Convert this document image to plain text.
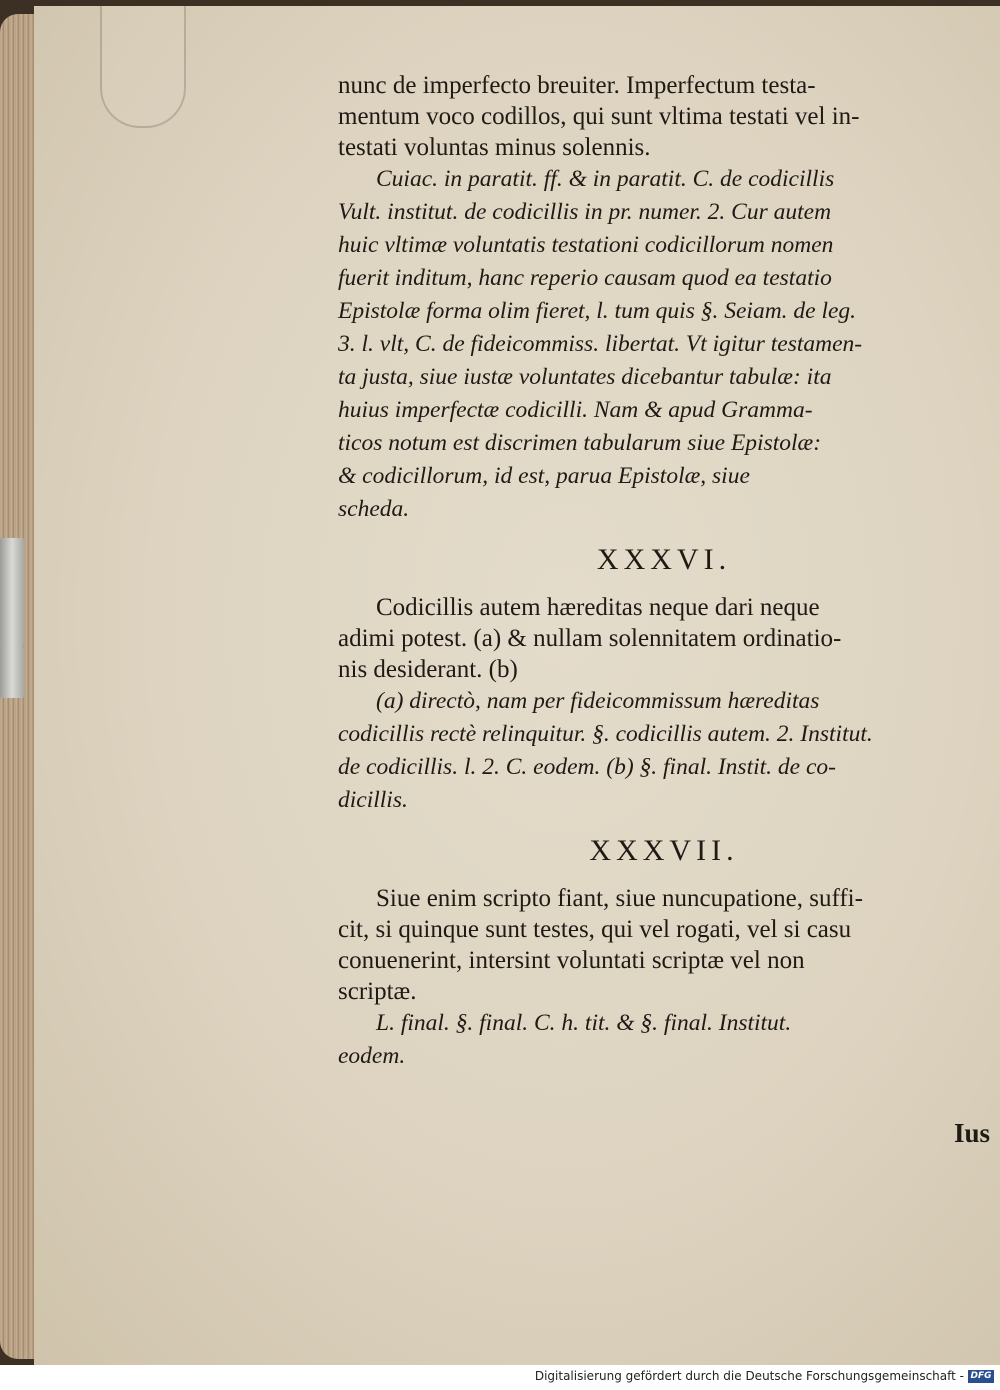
nunc de imperfecto breuiter. Imperfectum testa-
mentum voco codillos, qui sunt vltima testati vel in-
testati voluntas minus solennis.
Cuiac. in paratit. ff. & in paratit. C. de codicillis
Vult. institut. de codicillis in pr. numer. 2. Cur autem
huic vltimæ voluntatis testationi codicillorum nomen
fuerit inditum, hanc reperio causam quod ea testatio
Epistolæ forma olim fieret, l. tum quis §. Seiam. de leg.
3. l. vlt, C. de fideicommiss. libertat. Vt igitur testamen-
ta justa, siue iustæ voluntates dicebantur tabulæ: ita
huius imperfectæ codicilli. Nam & apud Gramma-
ticos notum est discrimen tabularum siue Epistolæ:
& codicillorum, id est, parua Epistolæ, siue
scheda.
XXXVI.
Codicillis autem hæreditas neque dari neque
adimi potest. (a) & nullam solennitatem ordinatio-
nis desiderant. (b)
(a) directò, nam per fideicommissum hæreditas
codicillis rectè relinquitur. §. codicillis autem. 2. Institut.
de codicillis. l. 2. C. eodem. (b) §. final. Instit. de co-
dicillis.
XXXVII.
Siue enim scripto fiant, siue nuncupatione, suffi-
cit, si quinque sunt testes, qui vel rogati, vel si casu
conuenerint, intersint voluntati scriptæ vel non
scriptæ.
L. final. §. final. C. h. tit. & §. final. Institut.
eodem.
Ius
Digitalisierung gefördert durch die Deutsche Forschungsgemeinschaft - DFG
